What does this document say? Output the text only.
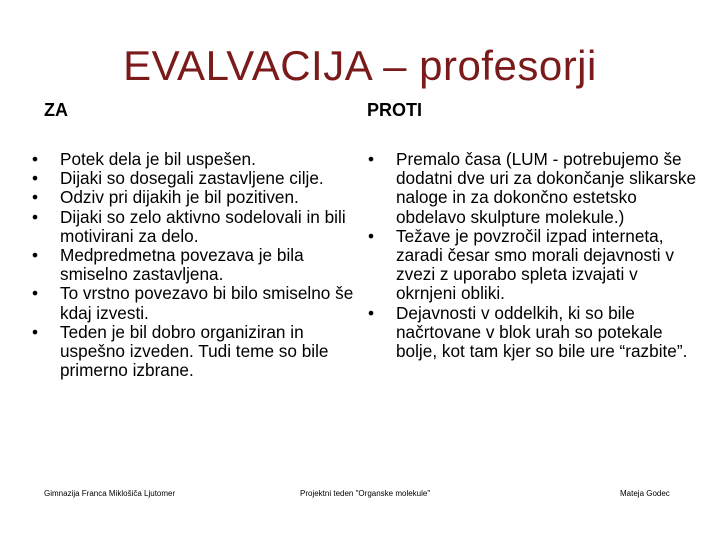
EVALVACIJA – profesorji
ZA	PROTI
• Potek dela je bil uspešen.
• Dijaki so dosegali zastavljene cilje.
• Odziv pri dijakih je bil pozitiven.
• Dijaki so zelo aktivno sodelovali in bili motivirani za delo.
• Medpredmetna povezava je bila smiselno zastavljena.
• To vrstno povezavo bi bilo smiselno še kdaj izvesti.
• Teden je bil dobro organiziran in uspešno izveden. Tudi teme so bile primerno izbrane.
• Premalo časa (LUM - potrebujemo še dodatni dve uri za dokončanje slikarske naloge in za dokončno estetsko obdelavo skulpture molekule.)
• Težave je povzročil izpad interneta, zaradi česar smo morali dejavnosti v zvezi z uporabo spleta izvajati v okrnjeni obliki.
• Dejavnosti v oddelkih, ki so bile načrtovane v blok urah so potekale bolje, kot tam kjer so bile ure “razbite”.
Gimnazija Franca Miklošiča Ljutomer	Projektni teden "Organske molekule"	Mateja Godec
